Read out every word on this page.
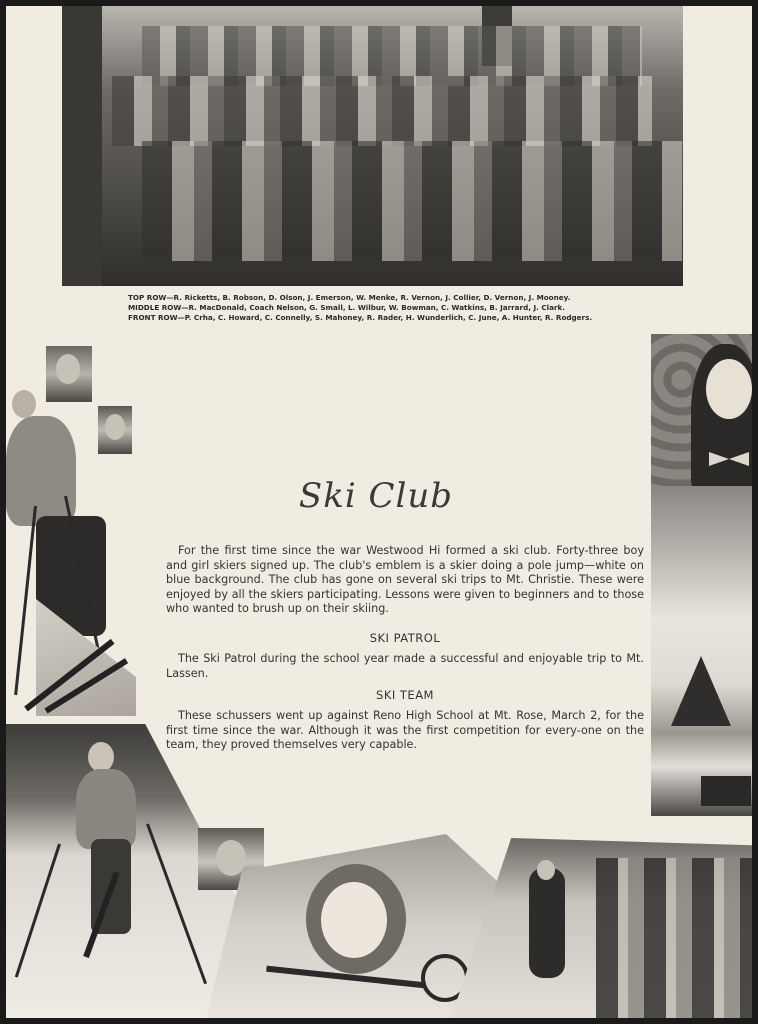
TOP ROW—R. Ricketts, B. Robson, D. Olson, J. Emerson, W. Menke, R. Vernon, J. Collier, D. Vernon, J. Mooney.

MIDDLE ROW—R. MacDonald, Coach Nelson, G. Small, L. Wilbur, W. Bowman, C. Watkins, B. Jarrard, J. Clark.

FRONT ROW—P. Crha, C. Howard, C. Connelly, S. Mahoney, R. Rader, H. Wunderlich, C. June, A. Hunter, R. Rodgers.

Ski Club
For the first time since the war Westwood Hi formed a ski club. Forty-three boy and girl skiers signed up. The club's emblem is a skier doing a pole jump—white on blue background. The club has gone on several ski trips to Mt. Christie. These were enjoyed by all the skiers participating. Lessons were given to beginners and to those who wanted to brush up on their skiing.
SKI PATROL
The Ski Patrol during the school year made a successful and enjoyable trip to Mt. Lassen.
SKI TEAM
These schussers went up against Reno High School at Mt. Rose, March 2, for the first time since the war. Although it was the first competition for every-one on the team, they proved themselves very capable.
